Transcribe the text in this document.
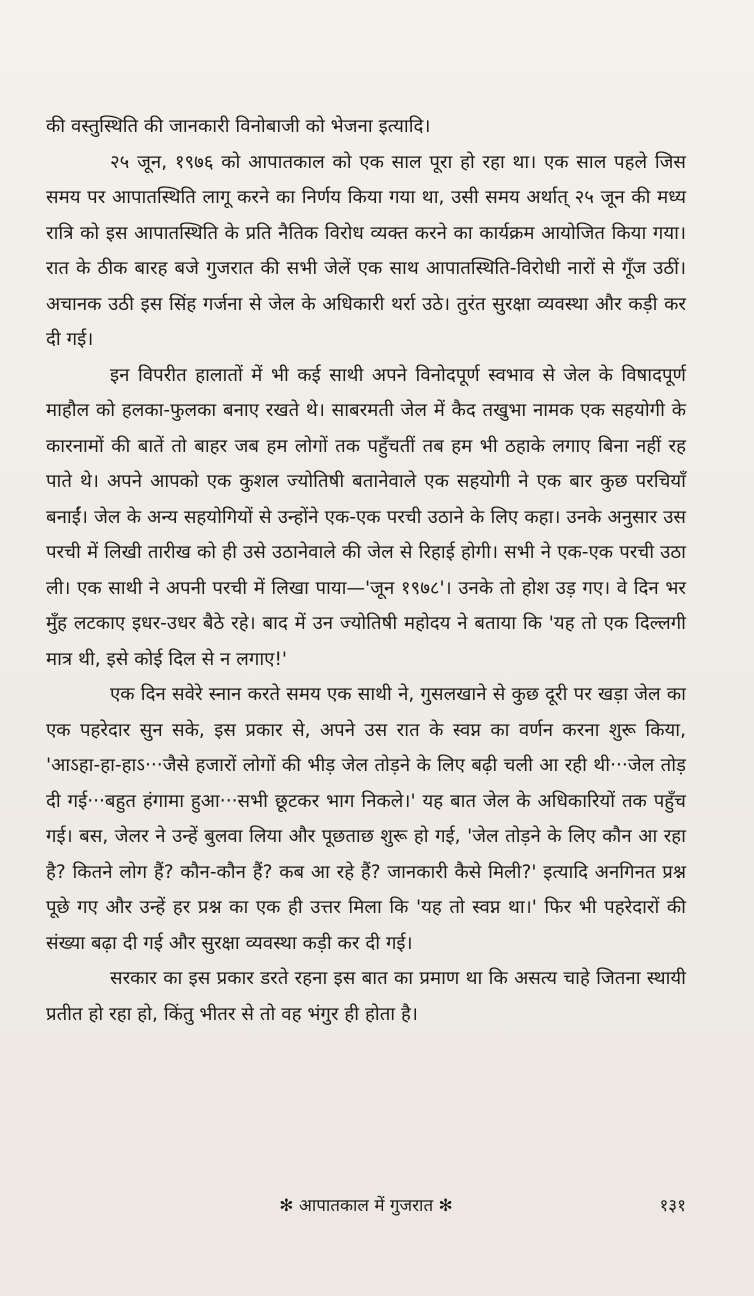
की वस्तुस्थिति की जानकारी विनोबाजी को भेजना इत्यादि।

२५ जून, १९७६ को आपातकाल को एक साल पूरा हो रहा था। एक साल पहले जिस समय पर आपातस्थिति लागू करने का निर्णय किया गया था, उसी समय अर्थात् २५ जून की मध्य रात्रि को इस आपातस्थिति के प्रति नैतिक विरोध व्यक्त करने का कार्यक्रम आयोजित किया गया। रात के ठीक बारह बजे गुजरात की सभी जेलें एक साथ आपातस्थिति-विरोधी नारों से गूँज उठीं। अचानक उठी इस सिंह गर्जना से जेल के अधिकारी थर्रा उठे। तुरंत सुरक्षा व्यवस्था और कड़ी कर दी गई।

इन विपरीत हालातों में भी कई साथी अपने विनोदपूर्ण स्वभाव से जेल के विषादपूर्ण माहौल को हलका-फुलका बनाए रखते थे। साबरमती जेल में कैद तखुभा नामक एक सहयोगी के कारनामों की बातें तो बाहर जब हम लोगों तक पहुँचतीं तब हम भी ठहाके लगाए बिना नहीं रह पाते थे। अपने आपको एक कुशल ज्योतिषी बतानेवाले एक सहयोगी ने एक बार कुछ परचियाँ बनाईं। जेल के अन्य सहयोगियों से उन्होंने एक-एक परची उठाने के लिए कहा। उनके अनुसार उस परची में लिखी तारीख को ही उसे उठानेवाले की जेल से रिहाई होगी। सभी ने एक-एक परची उठा ली। एक साथी ने अपनी परची में लिखा पाया—'जून १९७८'। उनके तो होश उड़ गए। वे दिन भर मुँह लटकाए इधर-उधर बैठे रहे। बाद में उन ज्योतिषी महोदय ने बताया कि 'यह तो एक दिल्लगी मात्र थी, इसे कोई दिल से न लगाए!'

एक दिन सवेरे स्नान करते समय एक साथी ने, गुसलखाने से कुछ दूरी पर खड़ा जेल का एक पहरेदार सुन सके, इस प्रकार से, अपने उस रात के स्वप्न का वर्णन करना शुरू किया, 'आऽहा-हा-हाऽ···जैसे हजारों लोगों की भीड़ जेल तोड़ने के लिए बढ़ी चली आ रही थी···जेल तोड़ दी गई···बहुत हंगामा हुआ···सभी छूटकर भाग निकले।' यह बात जेल के अधिकारियों तक पहुँच गई। बस, जेलर ने उन्हें बुलवा लिया और पूछताछ शुरू हो गई, 'जेल तोड़ने के लिए कौन आ रहा है? कितने लोग हैं? कौन-कौन हैं? कब आ रहे हैं? जानकारी कैसे मिली?' इत्यादि अनगिनत प्रश्न पूछे गए और उन्हें हर प्रश्न का एक ही उत्तर मिला कि 'यह तो स्वप्न था।' फिर भी पहरेदारों की संख्या बढ़ा दी गई और सुरक्षा व्यवस्था कड़ी कर दी गई।

सरकार का इस प्रकार डरते रहना इस बात का प्रमाण था कि असत्य चाहे जितना स्थायी प्रतीत हो रहा हो, किंतु भीतर से तो वह भंगुर ही होता है।

✻ आपातकाल में गुजरात ✻	१३१
